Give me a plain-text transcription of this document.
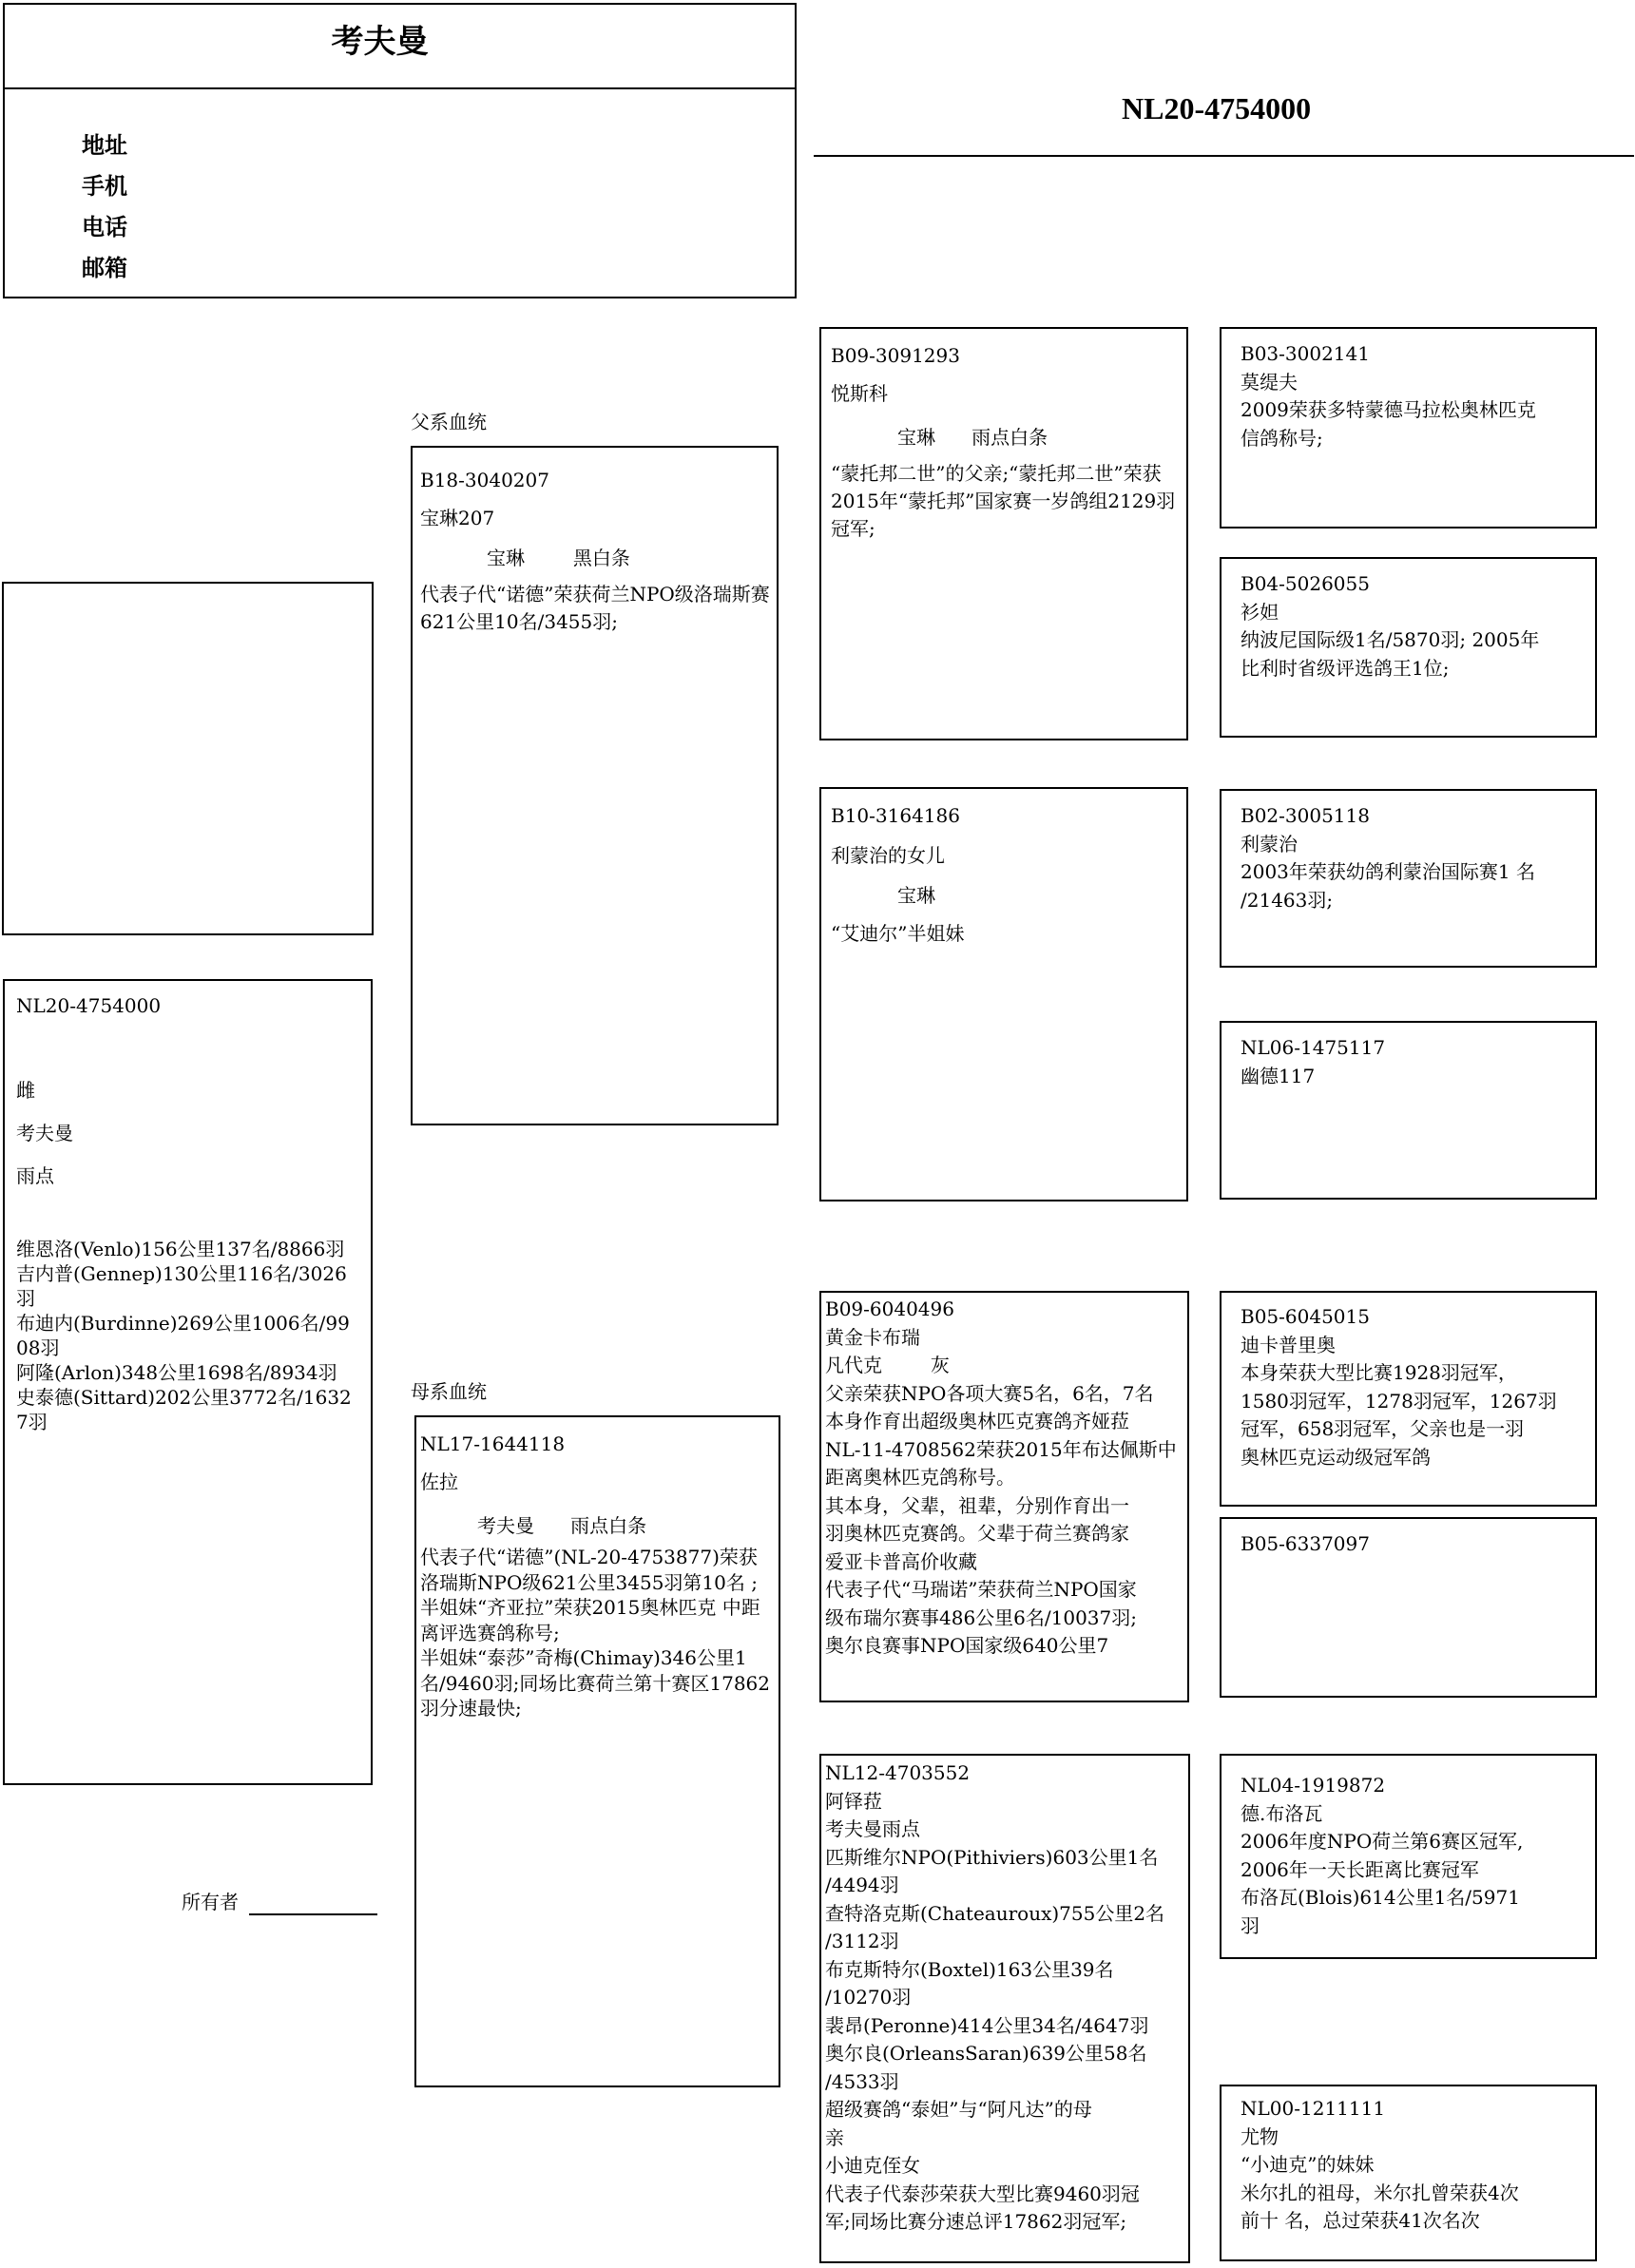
考夫曼
地址
手机
电话
邮箱
NL20-4754000
NL20-4754000
雌
考夫曼
雨点
维恩洛(Venlo)156公里137名/8866羽
吉内普(Gennep)130公里116名/3026羽
布迪内(Burdinne)269公里1006名/9908羽
阿隆(Arlon)348公里1698名/8934羽
史泰德(Sittard)202公里3772名/16327羽
所有者
父系血统
B18-3040207
宝琳207
宝琳        黑白条
代表子代“诺德”荣获荷兰NPO级洛瑞斯赛621公里10名/3455羽;
母系血统
NL17-1644118
佐拉
考夫曼      雨点白条
代表子代“诺德”(NL-20-4753877)荣获洛瑞斯NPO级621公里3455羽第10名 ;
半姐妹“齐亚拉”荣获2015奥林匹克 中距离评选赛鸽称号;
半姐妹“泰莎”奇梅(Chimay)346公里1名/9460羽;同场比赛荷兰第十赛区17862羽分速最快;
B09-3091293
悦斯科
宝琳      雨点白条
“蒙托邦二世”的父亲;“蒙托邦二世”荣获2015年“蒙托邦”国家赛一岁鸽组2129羽冠军;
B10-3164186
利蒙治的女儿
宝琳
“艾迪尔”半姐妹
B09-6040496
黄金卡布瑞
凡代克        灰
父亲荣获NPO各项大赛5名，6名，7名
本身作育出超级奥林匹克赛鸽齐娅菈
NL-11-4708562荣获2015年布达佩斯中
距离奥林匹克鸽称号。
其本身，父辈，祖辈，分别作育出一
羽奥林匹克赛鸽。父辈于荷兰赛鸽家
爱亚卡普高价收藏
代表子代“马瑞诺”荣获荷兰NPO国家
级布瑞尔赛事486公里6名/10037羽;
奥尔良赛事NPO国家级640公里7
NL12-4703552
阿铎菈
考夫曼雨点
匹斯维尔NPO(Pithiviers)603公里1名
/4494羽
查特洛克斯(Chateauroux)755公里2名
/3112羽
布克斯特尔(Boxtel)163公里39名
/10270羽
裴昂(Peronne)414公里34名/4647羽
奥尔良(OrleansSaran)639公里58名
/4533羽
超级赛鸽“泰妲”与“阿凡达”的母
亲
小迪克侄女
代表子代泰莎荣获大型比赛9460羽冠
军;同场比赛分速总评17862羽冠军;
B03-3002141
莫缇夫
2009荣获多特蒙德马拉松奥林匹克
信鸽称号;
B04-5026055
衫妲
纳波尼国际级1名/5870羽; 2005年
比利时省级评选鸽王1位;
B02-3005118
利蒙治
2003年荣获幼鸽利蒙治国际赛1 名
/21463羽;
NL06-1475117
幽德117
B05-6045015
迪卡普里奥
本身荣获大型比赛1928羽冠军，
1580羽冠军，1278羽冠军，1267羽
冠军，658羽冠军，父亲也是一羽
奥林匹克运动级冠军鸽
B05-6337097
NL04-1919872
德.布洛瓦
2006年度NPO荷兰第6赛区冠军,
2006年一天长距离比赛冠军
布洛瓦(Blois)614公里1名/5971
羽
NL00-1211111
尤物
“小迪克”的妹妹
米尔扎的祖母，米尔扎曾荣获4次
前十 名，总过荣获41次名次
